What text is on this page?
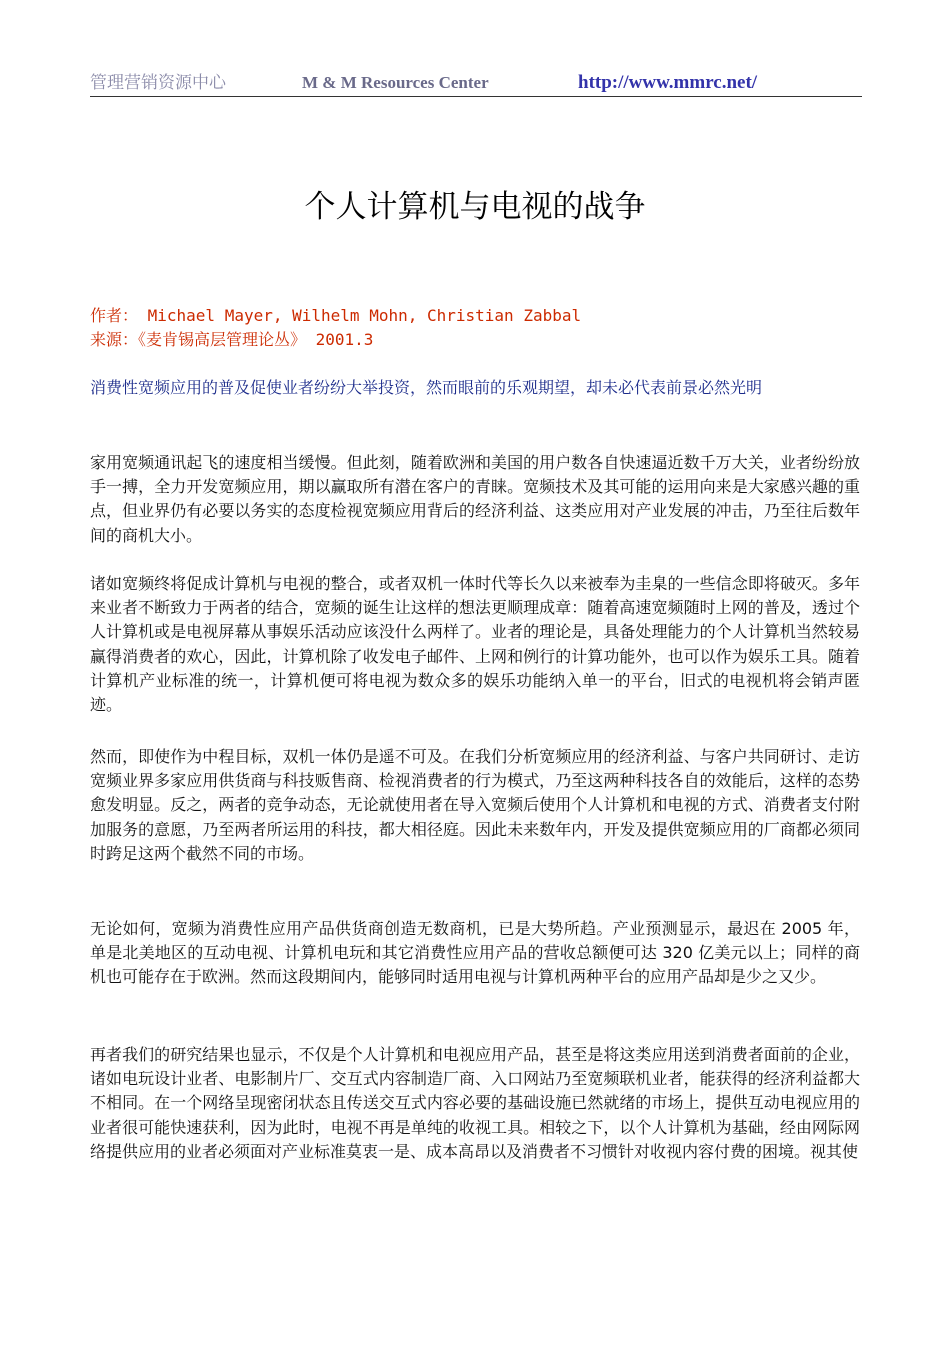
管理营销资源中心	M & M Resources Center	http://www.mmrc.net/
个人计算机与电视的战争
作者： Michael Mayer, Wilhelm Mohn, Christian Zabbal
来源：《麦肯锡高层管理论丛》 2001.3
消费性宽频应用的普及促使业者纷纷大举投资，然而眼前的乐观期望，却未必代表前景必然光明
家用宽频通讯起飞的速度相当缓慢。但此刻，随着欧洲和美国的用户数各自快速逼近数千万大关，业者纷纷放手一搏，全力开发宽频应用，期以赢取所有潜在客户的青睐。宽频技术及其可能的运用向来是大家感兴趣的重点，但业界仍有必要以务实的态度检视宽频应用背后的经济利益、这类应用对产业发展的冲击，乃至往后数年间的商机大小。
诸如宽频终将促成计算机与电视的整合，或者双机一体时代等长久以来被奉为圭臬的一些信念即将破灭。多年来业者不断致力于两者的结合，宽频的诞生让这样的想法更顺理成章：随着高速宽频随时上网的普及，透过个人计算机或是电视屏幕从事娱乐活动应该没什么两样了。业者的理论是，具备处理能力的个人计算机当然较易赢得消费者的欢心，因此，计算机除了收发电子邮件、上网和例行的计算功能外，也可以作为娱乐工具。随着计算机产业标准的统一，计算机便可将电视为数众多的娱乐功能纳入单一的平台，旧式的电视机将会销声匿迹。
然而，即使作为中程目标，双机一体仍是遥不可及。在我们分析宽频应用的经济利益、与客户共同研讨、走访宽频业界多家应用供货商与科技贩售商、检视消费者的行为模式，乃至这两种科技各自的效能后，这样的态势愈发明显。反之，两者的竞争动态，无论就使用者在导入宽频后使用个人计算机和电视的方式、消费者支付附加服务的意愿，乃至两者所运用的科技，都大相径庭。因此未来数年内，开发及提供宽频应用的厂商都必须同时跨足这两个截然不同的市场。
无论如何，宽频为消费性应用产品供货商创造无数商机，已是大势所趋。产业预测显示，最迟在 2005 年，单是北美地区的互动电视、计算机电玩和其它消费性应用产品的营收总额便可达 320 亿美元以上；同样的商机也可能存在于欧洲。然而这段期间内，能够同时适用电视与计算机两种平台的应用产品却是少之又少。
再者我们的研究结果也显示，不仅是个人计算机和电视应用产品，甚至是将这类应用送到消费者面前的企业，诸如电玩设计业者、电影制片厂、交互式内容制造厂商、入口网站乃至宽频联机业者，能获得的经济利益都大不相同。在一个网络呈现密闭状态且传送交互式内容必要的基础设施已然就绪的市场上，提供互动电视应用的业者很可能快速获利，因为此时，电视不再是单纯的收视工具。相较之下，以个人计算机为基础，经由网际网络提供应用的业者必须面对产业标准莫衷一是、成本高昂以及消费者不习惯针对收视内容付费的困境。视其使
